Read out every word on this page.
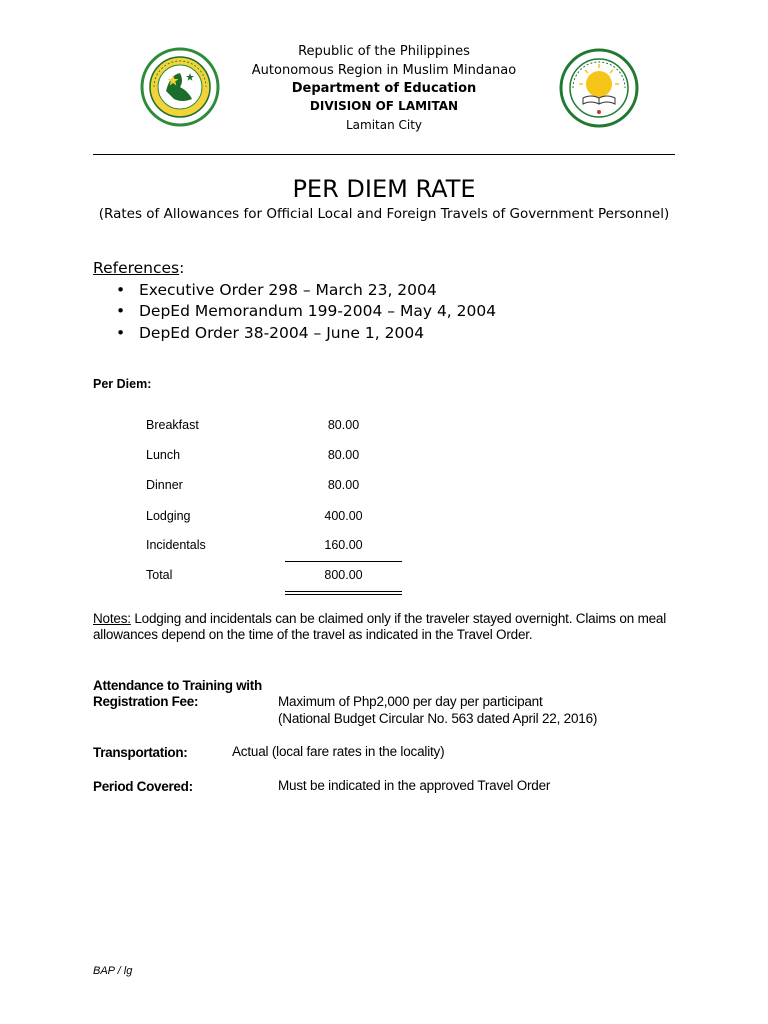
Republic of the Philippines
Autonomous Region in Muslim Mindanao
Department of Education
DIVISION OF LAMITAN
Lamitan City
PER DIEM RATE
(Rates of Allowances for Official Local and Foreign Travels of Government Personnel)
References:
• Executive Order 298 – March 23, 2004
• DepEd Memorandum 199-2004 – May 4, 2004
• DepEd Order 38-2004 – June 1, 2004
Per Diem:
Breakfast	80.00
Lunch	80.00
Dinner	80.00
Lodging	400.00
Incidentals	160.00
Total	800.00
Notes: Lodging and incidentals can be claimed only if the traveler stayed overnight. Claims on meal allowances depend on the time of the travel as indicated in the Travel Order.
Attendance to Training with
Registration Fee:	Maximum of Php2,000 per day per participant
(National Budget Circular No. 563 dated April 22, 2016)
Transportation:	Actual (local fare rates in the locality)
Period Covered:	Must be indicated in the approved Travel Order
BAP / lg
